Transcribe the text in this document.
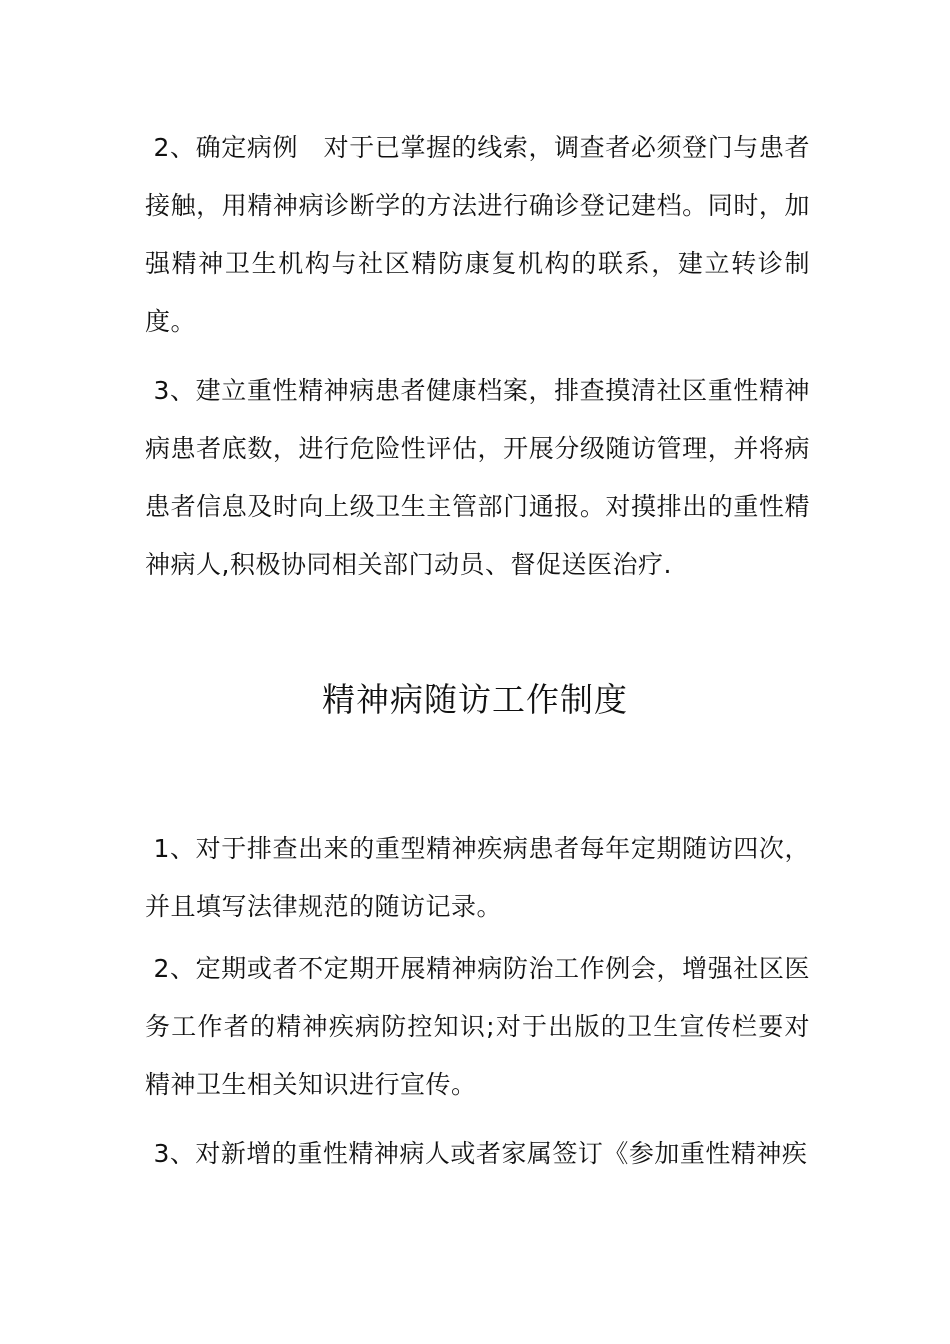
2、确定病例　对于已掌握的线索，调查者必须登门与患者接触，用精神病诊断学的方法进行确诊登记建档。同时，加强精神卫生机构与社区精防康复机构的联系，建立转诊制度。

3、建立重性精神病患者健康档案，排查摸清社区重性精神病患者底数，进行危险性评估，开展分级随访管理，并将病患者信息及时向上级卫生主管部门通报。对摸排出的重性精神病人,积极协同相关部门动员、督促送医治疗.

精神病随访工作制度

1、对于排查出来的重型精神疾病患者每年定期随访四次，并且填写法律规范的随访记录。

2、定期或者不定期开展精神病防治工作例会，增强社区医务工作者的精神疾病防控知识;对于出版的卫生宣传栏要对精神卫生相关知识进行宣传。

3、对新增的重性精神病人或者家属签订《参加重性精神疾
